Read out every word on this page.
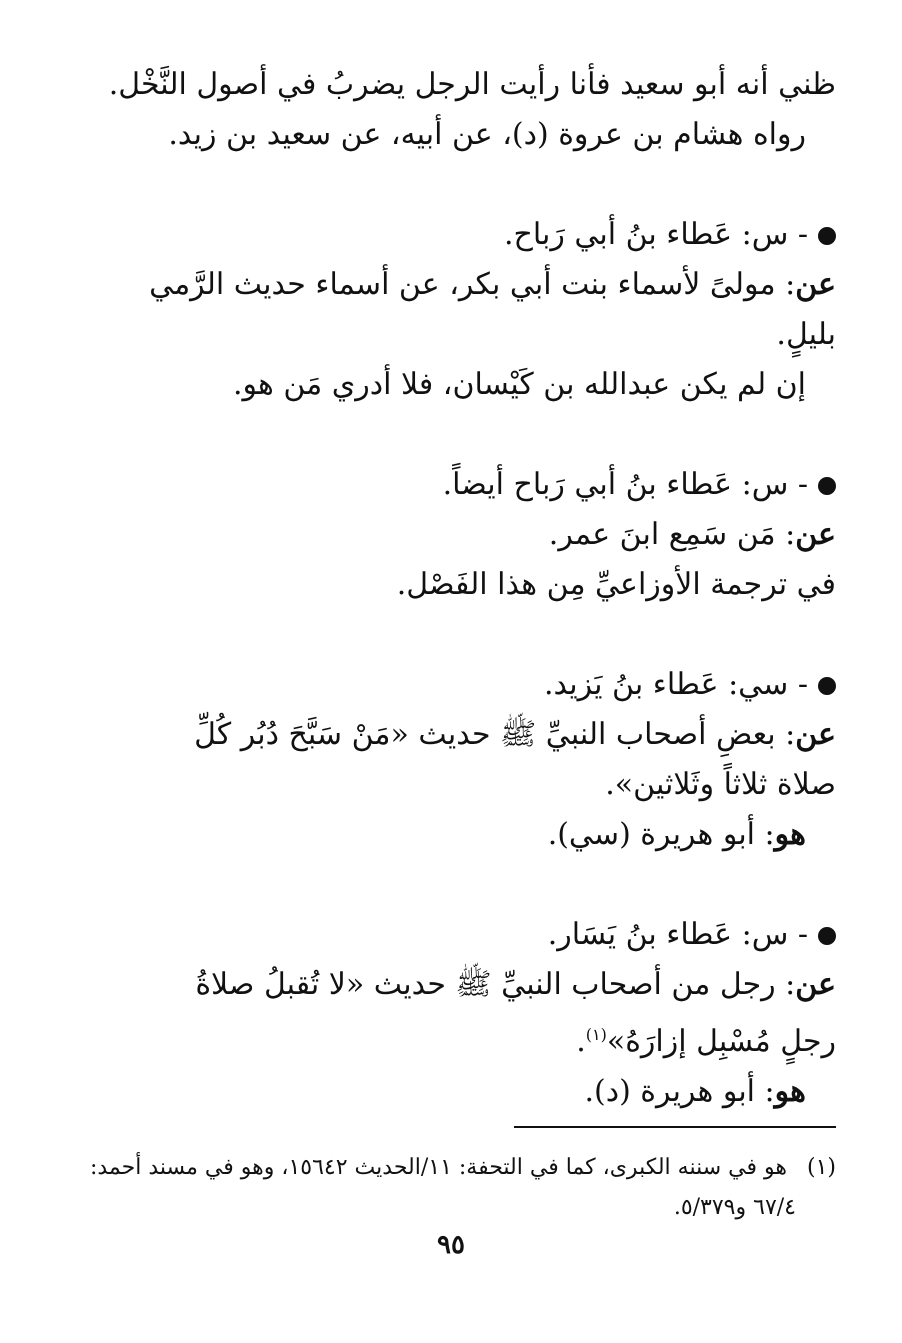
ظني أنه أبو سعيد فأنا رأيت الرجل يضربُ في أصول النَّخْل.
رواه هشام بن عروة (د)، عن أبيه، عن سعيد بن زيد.
- س: عَطاء بنُ أبي رَباح.
عن: مولىً لأسماء بنت أبي بكر، عن أسماء حديث الرَّمي
بليلٍ.
إن لم يكن عبدالله بن كَيْسان، فلا أدري مَن هو.
- س: عَطاء بنُ أبي رَباح أيضاً.
عن: مَن سَمِع ابنَ عمر.
في ترجمة الأوزاعيِّ مِن هذا الفَصْل.
- سي: عَطاء بنُ يَزيد.
عن: بعضِ أصحاب النبيِّ ﷺ حديث «مَنْ سَبَّحَ دُبُر كُلِّ
صلاة ثلاثاً وثَلاثين».
هو: أبو هريرة (سي).
- س: عَطاء بنُ يَسَار.
عن: رجل من أصحاب النبيِّ ﷺ حديث «لا تُقبلُ صلاةُ
رجلٍ مُسْبِل إزارَهُ»$^{(١)}$.
هو: أبو هريرة (د).
(١)هو في سننه الكبرى، كما في التحفة: ١١/الحديث ١٥٦٤٢، وهو في مسند أحمد:
٦٧/٤ و٥/٣٧٩.
٩٥
